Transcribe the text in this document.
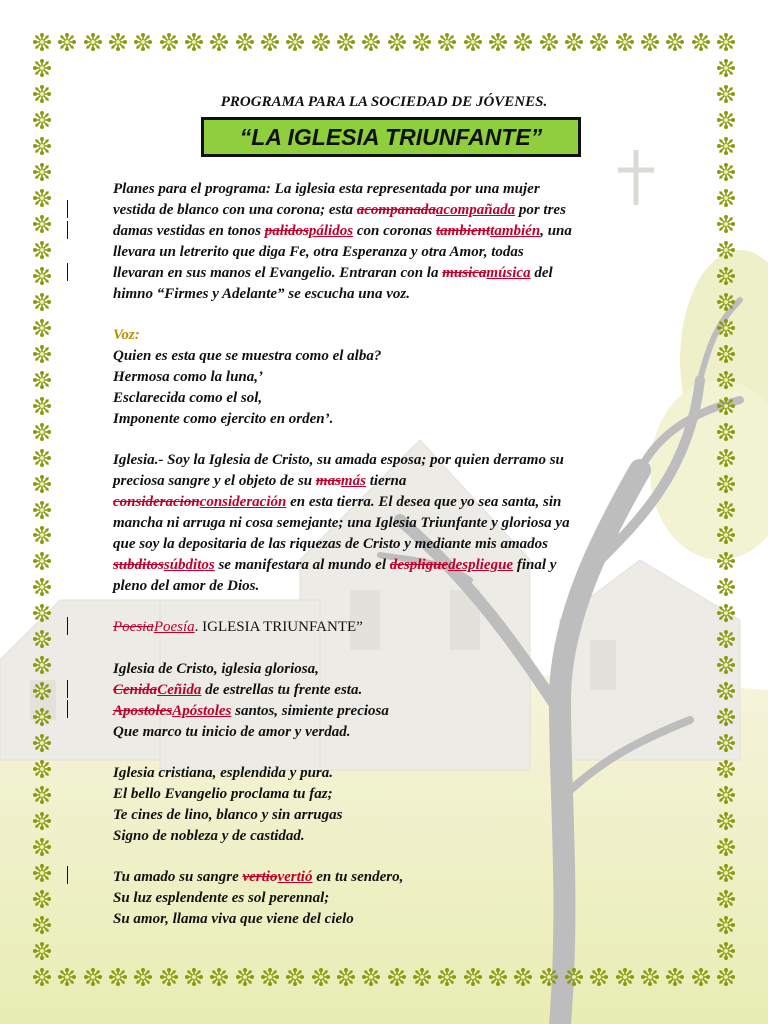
PROGRAMA PARA LA SOCIEDAD DE JÓVENES.
“LA IGLESIA TRIUNFANTE”
Planes para el programa: La iglesia esta representada por una mujer
vestida de blanco con una corona; esta acompanadaacompañada por tres
damas vestidas en tonos palidospálidos con coronas tambienttambién, una
llevara un letrerito que diga Fe, otra Esperanza y otra Amor, todas
llevaran en sus manos el Evangelio. Entraran con la musicamúsica del
himno “Firmes y Adelante” se escucha una voz.
Voz:
Quien es esta que se muestra como el alba?
Hermosa como la luna,’
Esclarecida como el sol,
Imponente como ejercito en orden’.
Iglesia.- Soy la Iglesia de Cristo, su amada esposa; por quien derramo su
preciosa sangre y el objeto de su masmás tierna
consideracionconsideración en esta tierra. El desea que yo sea santa, sin
mancha ni arruga ni cosa semejante; una Iglesia Triunfante y gloriosa ya
que soy la depositaria de las riquezas de Cristo y mediante mis amados
subditossúbditos se manifestara al mundo el despliguedespliegue final y
pleno del amor de Dios.
PoesiaPoesía. IGLESIA TRIUNFANTE”
Iglesia de Cristo, iglesia gloriosa,
CenidaCeñida de estrellas tu frente esta.
ApostolesApóstoles santos, simiente preciosa
Que marco tu inicio de amor y verdad.
Iglesia cristiana, esplendida y pura.
El bello Evangelio proclama tu faz;
Te cines de lino, blanco y sin arrugas
Signo de nobleza y de castidad.
Tu amado su sangre vertiovertió en tu sendero,
Su luz esplendente es sol perennal;
Su amor, llama viva que viene del cielo
